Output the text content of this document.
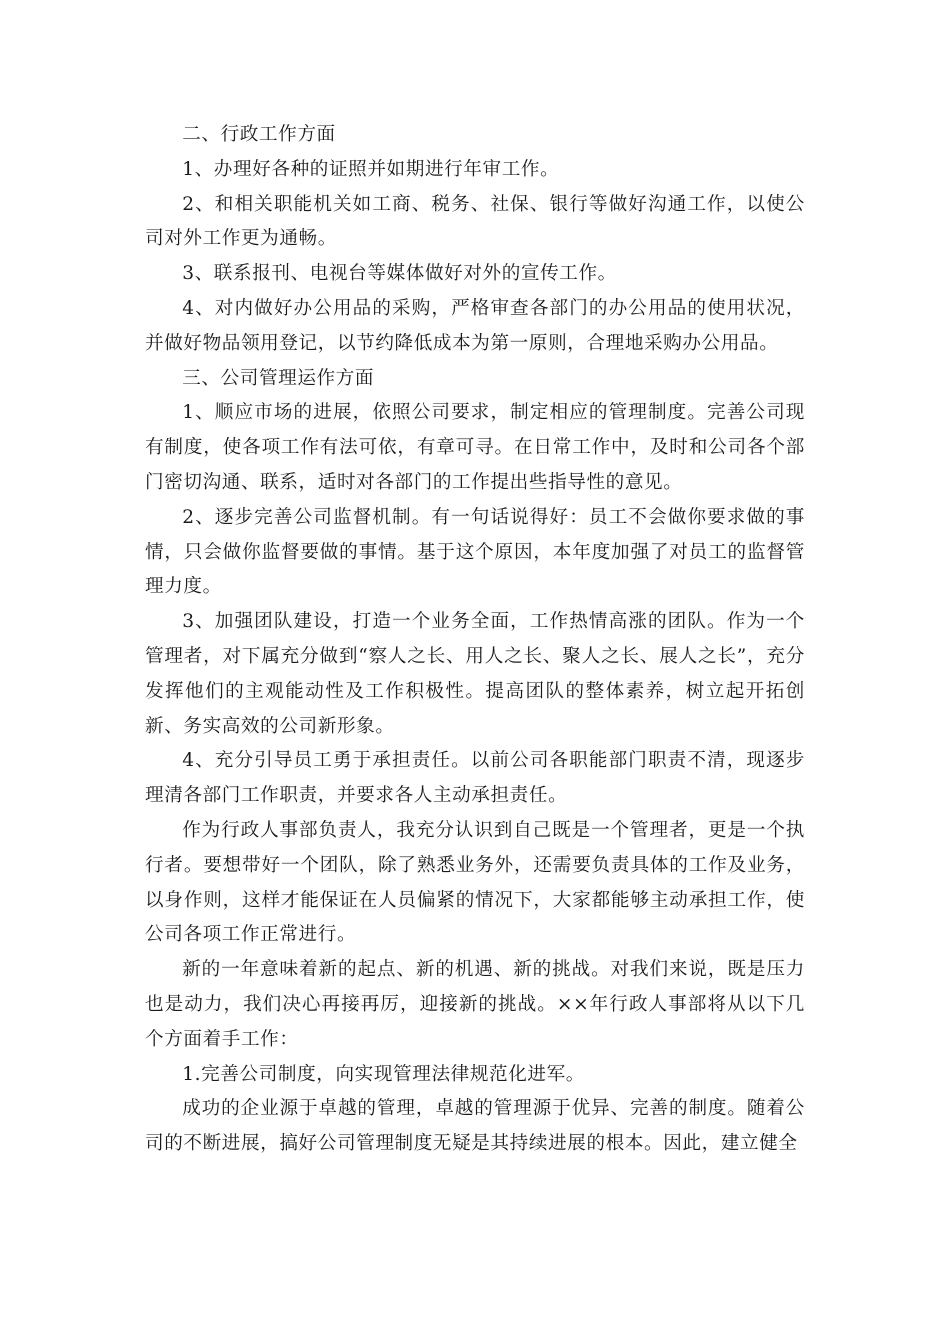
二、行政工作方面

1、办理好各种的证照并如期进行年审工作。

2、和相关职能机关如工商、税务、社保、银行等做好沟通工作，以使公司对外工作更为通畅。

3、联系报刊、电视台等媒体做好对外的宣传工作。

4、对内做好办公用品的采购，严格审查各部门的办公用品的使用状况，并做好物品领用登记，以节约降低成本为第一原则，合理地采购办公用品。

三、公司管理运作方面

1、顺应市场的进展，依照公司要求，制定相应的管理制度。完善公司现有制度，使各项工作有法可依，有章可寻。在日常工作中，及时和公司各个部门密切沟通、联系，适时对各部门的工作提出些指导性的意见。

2、逐步完善公司监督机制。有一句话说得好：员工不会做你要求做的事情，只会做你监督要做的事情。基于这个原因，本年度加强了对员工的监督管理力度。

3、加强团队建设，打造一个业务全面，工作热情高涨的团队。作为一个管理者，对下属充分做到“察人之长、用人之长、聚人之长、展人之长”，充分发挥他们的主观能动性及工作积极性。提高团队的整体素养，树立起开拓创新、务实高效的公司新形象。

4、充分引导员工勇于承担责任。以前公司各职能部门职责不清，现逐步理清各部门工作职责，并要求各人主动承担责任。

作为行政人事部负责人，我充分认识到自己既是一个管理者，更是一个执行者。要想带好一个团队，除了熟悉业务外，还需要负责具体的工作及业务，以身作则，这样才能保证在人员偏紧的情况下，大家都能够主动承担工作，使公司各项工作正常进行。

新的一年意味着新的起点、新的机遇、新的挑战。对我们来说，既是压力也是动力，我们决心再接再厉，迎接新的挑战。××年行政人事部将从以下几个方面着手工作：

1.完善公司制度，向实现管理法律规范化进军。

成功的企业源于卓越的管理，卓越的管理源于优异、完善的制度。随着公司的不断进展，搞好公司管理制度无疑是其持续进展的根本。因此，建立健全
